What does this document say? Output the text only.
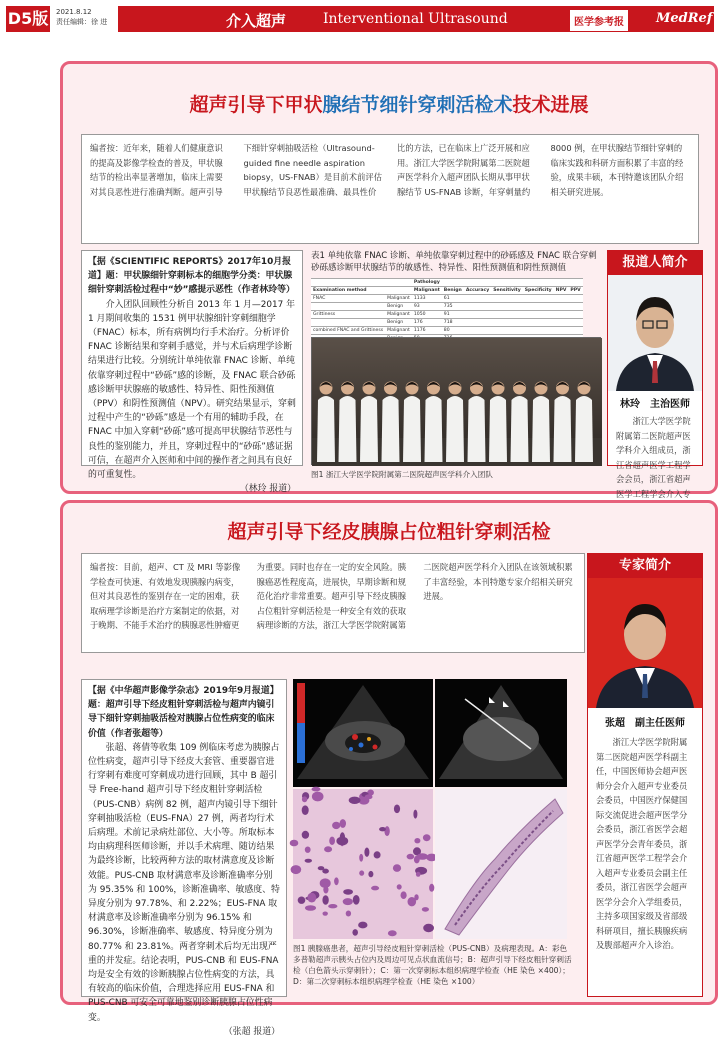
D5版 2021.8.12
责任编辑：徐 进	介入超声	Interventional Ultrasound	医学参考报	MedRef
超声引导下甲状腺结节细针穿刺活检术技术进展
编者按：近年来，随着人们健康意识的提高及影像学检查的普及，甲状腺结节的检出率显著增加，临床上需要对其良恶性进行准确判断。超声引导下细针穿刺抽吸活检（Ultrasound-guided fine needle aspiration biopsy，US-FNAB）是目前术前评估甲状腺结节良恶性最准确、最具性价比的方法，已在临床上广泛开展和应用。浙江大学医学院附属第二医院超声医学科介入超声团队长期从事甲状腺结节 US-FNAB 诊断，年穿刺量约 8000 例，在甲状腺结节细针穿刺的临床实践和科研方面积累了丰富的经验，成果丰硕，本刊特邀该团队介绍相关研究进展。

【据《SCIENTIFIC REPORTS》2017年10月报道】题：甲状腺细针穿刺标本的细胞学分类：甲状腺细针穿刺活检过程中“妙”感提示恶性（作者林玲等）

介入团队回顾性分析自 2013 年 1 月—2017 年 1 月期间收集的 1531 例甲状腺细针穿刺细胞学（FNAC）标本，所有病例均行手术治疗。分析评价 FNAC 诊断结果和穿刺手感觉，并与术后病理学诊断结果进行比较。分别统计单纯依靠 FNAC 诊断、单纯依靠穿刺过程中“砂砾”感的诊断，及 FNAC 联合砂砾感诊断甲状腺癌的敏感性、特异性、阳性预测值（PPV）和阴性预测值（NPV）。研究结果显示，穿刺过程中产生的“砂砾”感是一个有用的辅助手段，在 FNAC 中加入穿刺“砂砾”感可提高甲状腺结节恶性与良性的鉴别能力，并且，穿刺过程中的“砂砾”感证据可信，在超声介入医师和中间的操作者之间具有良好的可重复性。

（林玲 报道）

表1 单纯依靠 FNAC 诊断、单纯依靠穿刺过程中的砂砾感及 FNAC 联合穿刺砂砾感诊断甲状腺结节的敏感性、特异性、阳性预测值和阴性预测值
		Pathology						
Examination method		Malignant	Benign	Accuracy	Sensitivity	Specificity	NPV	PPV
FNAC	Malignant	1133	61					
	Benign	93	735					
Grittiness	Malignant	1050	91					
	Benign	176	718					
combined FNAC and Grittiness	Malignant	1176	80					

图1 浙江大学医学院附属第二医院超声医学科介入团队
报道人简介
林玲　主治医师
浙江大学医学院附属第二医院超声医学科介入组成员，浙江省超声医学工程学会会员，浙江省超声医学工程学会介入专
超声引导下经皮胰腺占位粗针穿刺活检
编者按：目前，超声、CT 及 MRI 等影像学检查可快速、有效地发现胰腺内病变，但对其良恶性的鉴别存在一定的困难，获取病理学诊断是治疗方案制定的依据，对于晚期、不能手术治疗的胰腺恶性肿瘤更为重要。同时也存在一定的安全风险。胰腺癌恶性程度高，进展快，早期诊断和规范化治疗非常重要。超声引导下经皮胰腺占位粗针穿刺活检是一种安全有效的获取病理诊断的方法，浙江大学医学院附属第二医院超声医学科介入团队在该领域积累了丰富经验，本刊特邀专家介绍相关研究进展。

【据《中华超声影像学杂志》2019年9月报道】题：超声引导下经皮粗针穿刺活检与超声内镜引导下细针穿刺抽吸活检对胰腺占位性病变的临床价值（作者张超等）

张超、蒋倩等收集 109 例临床考虑为胰腺占位性病变，超声引导下经皮大套管、重要器官进行穿刺有难度可穿刺成功进行回顾，其中 B 超引导 Free-hand 超声引导下经皮粗针穿刺活检（PUS-CNB）病例 82 例，超声内镜引导下细针穿刺抽吸活检（EUS-FNA）27 例，两者均行术后病理。术前记录病灶部位、大小等。所取标本均由病理科医师诊断，并以手术病理、随访结果为最终诊断，比较两种方法的取材满意度及诊断效能。PUS-CNB 取材满意率及诊断准确率分别为 95.35% 和 100%，诊断准确率、敏感度、特异度分别为 97.78%、和 2.22%；EUS-FNA 取材满意率及诊断准确率分别为 96.15% 和 96.30%，诊断准确率、敏感度、特异度分别为 80.77% 和 23.81%。两者穿刺术后均无出现严重的并发症。结论表明，PUS-CNB 和 EUS-FNA 均是安全有效的诊断胰腺占位性病变的方法，具有较高的临床价值，合理选择应用 EUS-FNA 和 PUS-CNB 可安全可靠地鉴别诊断胰腺占位性病变。

（张超 报道）

图1 胰腺癌患者，超声引导经皮粗针穿刺活检（PUS-CNB）及病理表现。A：彩色多普勒超声示胰头占位内及周边可见点状血流信号；B：超声引导下经皮粗针穿刺活检（白色箭头示穿刺针）；C：第一次穿刺标本组织病理学检查（HE 染色 ×400）；D：第二次穿刺标本组织病理学检查（HE 染色 ×100）
专家简介
张超　副主任医师
浙江大学医学院附属第二医院超声医学科副主任，中国医师协会超声医师分会介入超声专业委员会委员，中国医疗保健国际交流促进会超声医学分会委员，浙江省医学会超声医学分会青年委员，浙江省超声医学工程学会介入超声专业委员会副主任委员，浙江省医学会超声医学分会介入学组委员，主持多项国家级及省部级科研项目，擅长胰腺疾病及腹部超声介入诊治。
